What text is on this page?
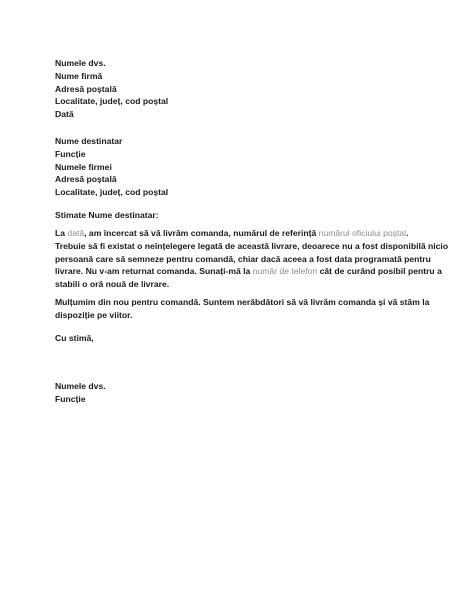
Numele dvs.
Nume firmă
Adresă poștală
Localitate, județ, cod poștal
Dată
Nume destinatar
Funcție
Numele firmei
Adresă poștală
Localitate, județ, cod poștal
Stimate Nume destinatar:
La dată, am încercat să vă livrăm comanda, numărul de referință numărul oficiului poștal.
Trebuie să fi existat o neînțelegere legată de această livrare, deoarece nu a fost disponibilă nicio
persoană care să semneze pentru comandă, chiar dacă aceea a fost data programată pentru
livrare. Nu v-am returnat comanda. Sunați-mă la număr de telefon cât de curând posibil pentru a
stabili o oră nouă de livrare.
Mulțumim din nou pentru comandă. Suntem nerăbdători să vă livrăm comanda și vă stăm la
dispoziție pe viitor.
Cu stimă,
Numele dvs.
Funcție
